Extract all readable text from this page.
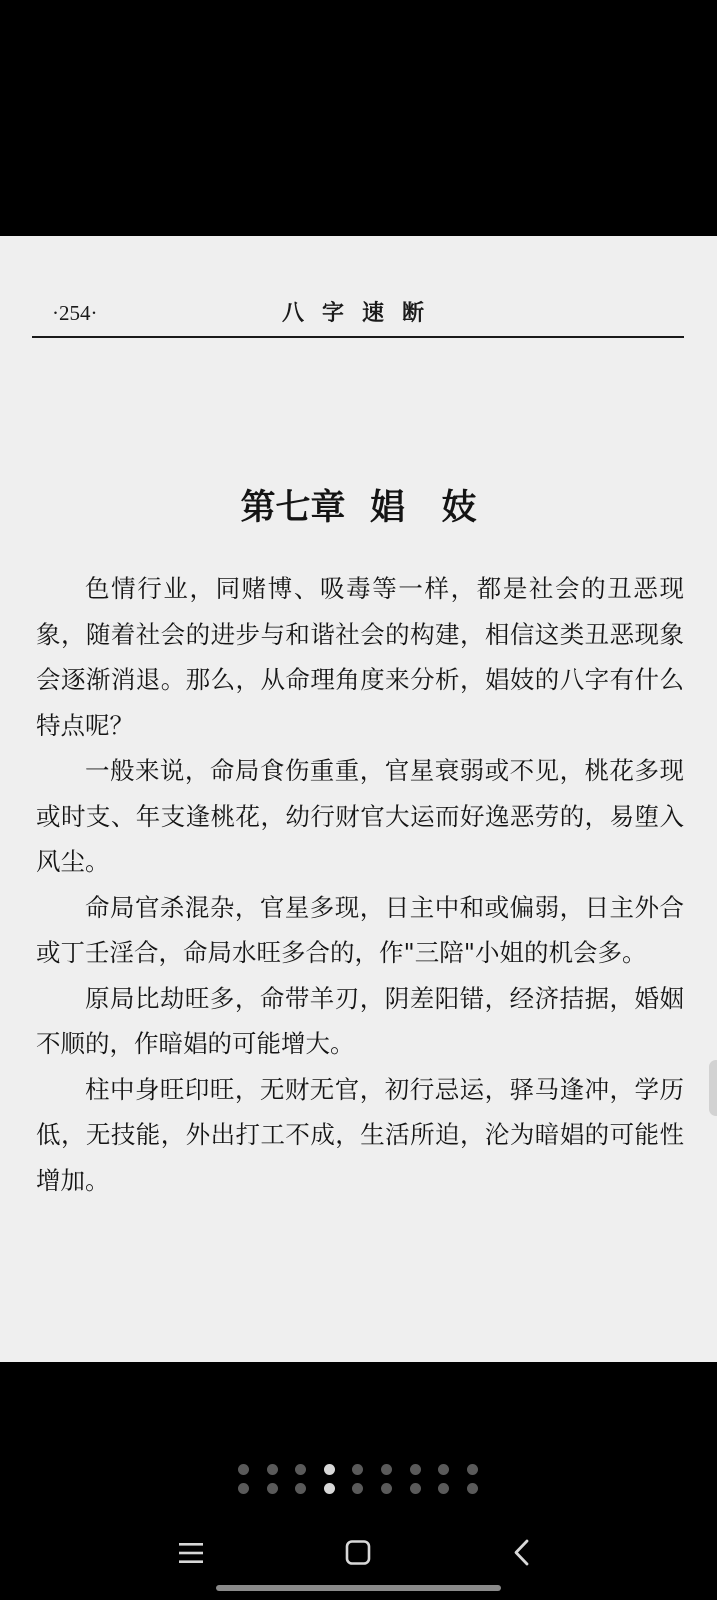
·254·	八字速断
第七章  娼   妓

色情行业，同赌博、吸毒等一样，都是社会的丑恶现象，随着社会的进步与和谐社会的构建，相信这类丑恶现象会逐渐消退。那么，从命理角度来分析，娼妓的八字有什么特点呢？

一般来说，命局食伤重重，官星衰弱或不见，桃花多现或时支、年支逢桃花，幼行财官大运而好逸恶劳的，易堕入风尘。

命局官杀混杂，官星多现，日主中和或偏弱，日主外合或丁壬淫合，命局水旺多合的，作"三陪"小姐的机会多。

原局比劫旺多，命带羊刃，阴差阳错，经济拮据，婚姻不顺的，作暗娼的可能增大。

柱中身旺印旺，无财无官，初行忌运，驿马逢冲，学历低，无技能，外出打工不成，生活所迫，沦为暗娼的可能性增加。
